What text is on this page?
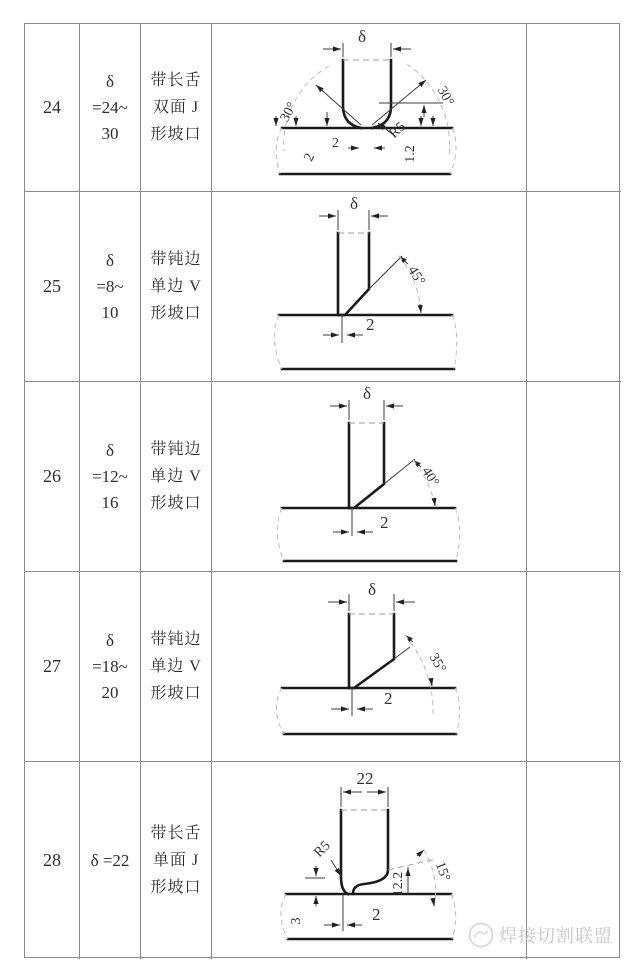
24
δ
=24~
30
带长舌
双面 J
形坡口
δ
30°
30°
R5
2
2	1.2
25
δ
=8~
10
带钝边
单边 V
形坡口
δ
45°
2
26
δ
=12~
16
带钝边
单边 V
形坡口
δ
40°
2
27
δ
=18~
20
带钝边
单边 V
形坡口
δ
35°
2
28 δ =22
带长舌
单面 J
形坡口
22
R5
15°
12.2
3	2
焊接切割联盟
